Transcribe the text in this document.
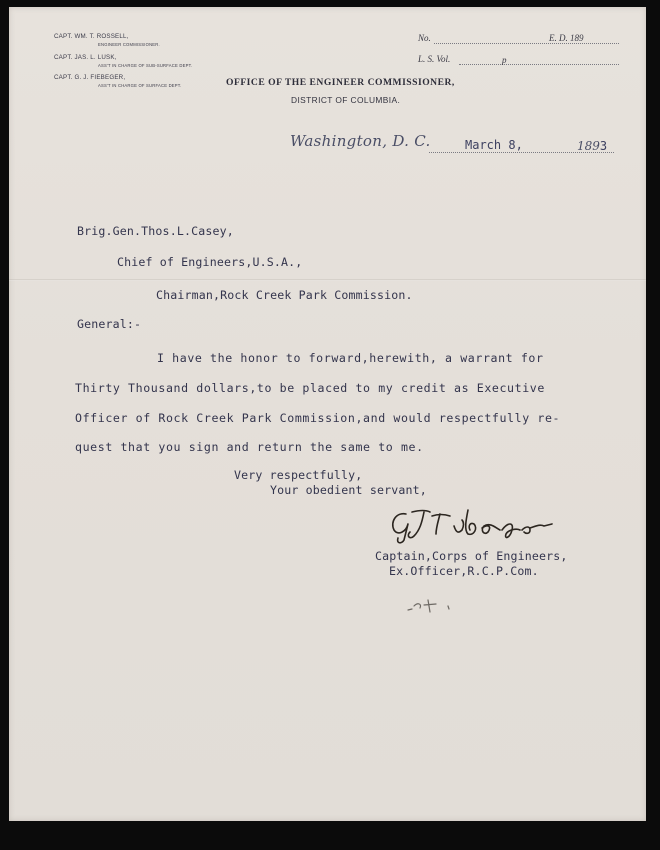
CAPT. WM. T. ROSSELL,
ENGINEER COMMISSIONER.
CAPT. JAS. L. LUSK,
ASS'T IN CHARGE OF SUB-SURFACE DEPT.
CAPT. G. J. FIEBEGER,
ASS'T IN CHARGE OF SURFACE DEPT.
No.	E. D. 189
L. S. Vol.	p
OFFICE OF THE ENGINEER COMMISSIONER,
DISTRICT OF COLUMBIA.
Washington, D. C.	March 8,	1893
Brig.Gen.Thos.L.Casey,
Chief of Engineers,U.S.A.,
Chairman,Rock Creek Park Commission.
General:-
I have the honor to forward,herewith, a warrant for
Thirty Thousand dollars,to be placed to my credit as Executive
Officer of Rock Creek Park Commission,and would respectfully re-
quest that you sign and return the same to me.
Very respectfully,
Your obedient servant,
Captain,Corps of Engineers,
Ex.Officer,R.C.P.Com.
